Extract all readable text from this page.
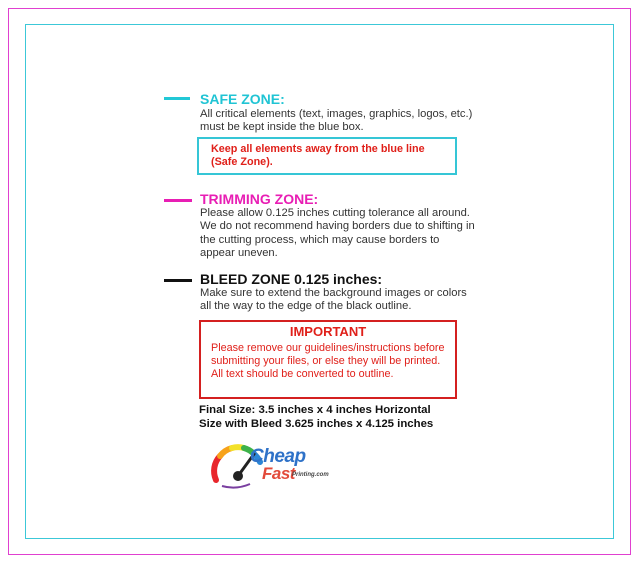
SAFE ZONE:
All critical elements (text, images, graphics, logos, etc.)
must be kept inside the blue box.
Keep all elements away from the blue line
(Safe Zone).
TRIMMING ZONE:
Please allow 0.125 inches cutting tolerance all around.
We do not recommend having borders due to shifting in
the cutting process, which may cause borders to
appear uneven.
BLEED ZONE 0.125 inches:
Make sure to extend the background images or colors
all the way to the edge of the black outline.
IMPORTANT
Please remove our guidelines/instructions before
submitting your files, or else they will be printed.
All text should be converted to outline.
Final Size: 3.5 inches x 4 inches Horizontal
Size with Bleed 3.625 inches x 4.125 inches
Cheap
Fast
Printing.com
